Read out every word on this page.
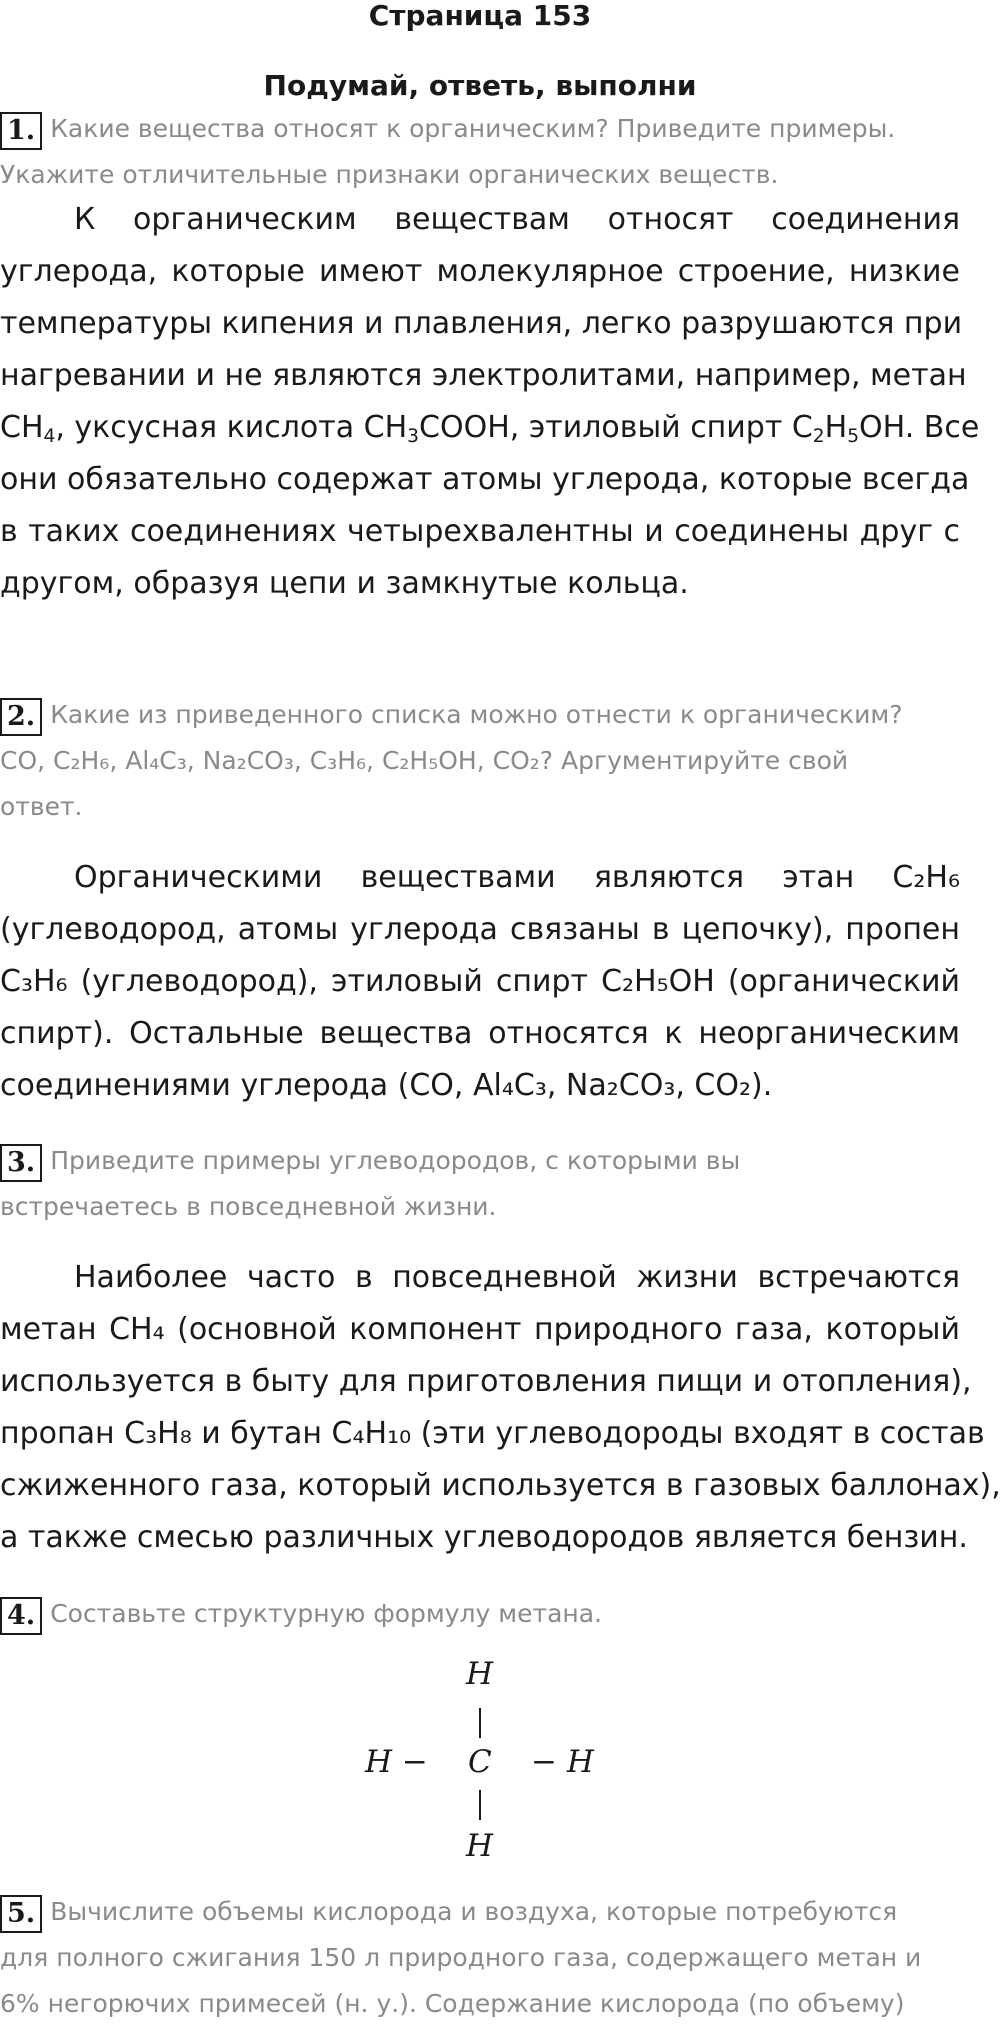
Страница 153
Подумай, ответь, выполни
1. Какие вещества относят к органическим? Приведите примеры.
Укажите отличительные признаки органических веществ.
К органическим веществам относят соединения
углерода, которые имеют молекулярное строение, низкие
температуры кипения и плавления, легко разрушаются при
нагревании и не являются электролитами, например, метан
$CH_4$, уксусная кислота $CH_3COOH$, этиловый спирт $C_2H_5OH$. Все
они обязательно содержат атомы углерода, которые всегда
в таких соединениях четырехвалентны и соединены друг с
другом, образуя цепи и замкнутые кольца.
2. Какие из приведенного списка можно отнести к органическим?
CO, C₂H₆, Al₄C₃, Na₂CO₃, C₃H₆, C₂H₅OH, CO₂? Аргументируйте свой
ответ.
Органическими веществами являются этан C₂H₆
(углеводород, атомы углерода связаны в цепочку), пропен
C₃H₆ (углеводород), этиловый спирт C₂H₅OH (органический
спирт). Остальные вещества относятся к неорганическим
соединениями углерода (CO, Al₄C₃, Na₂CO₃, CO₂).
3. Приведите примеры углеводородов, с которыми вы
встречаетесь в повседневной жизни.
Наиболее часто в повседневной жизни встречаются
метан CH₄ (основной компонент природного газа, который
используется в быту для приготовления пищи и отопления),
пропан C₃H₈ и бутан C₄H₁₀ (эти углеводороды входят в состав
сжиженного газа, который используется в газовых баллонах),
а также смесью различных углеводородов является бензин.
4. Составьте структурную формулу метана.
H
H − C − H
H
5. Вычислите объемы кислорода и воздуха, которые потребуются
для полного сжигания 150 л природного газа, содержащего метан и
6% негорючих примесей (н. у.). Содержание кислорода (по объему)
